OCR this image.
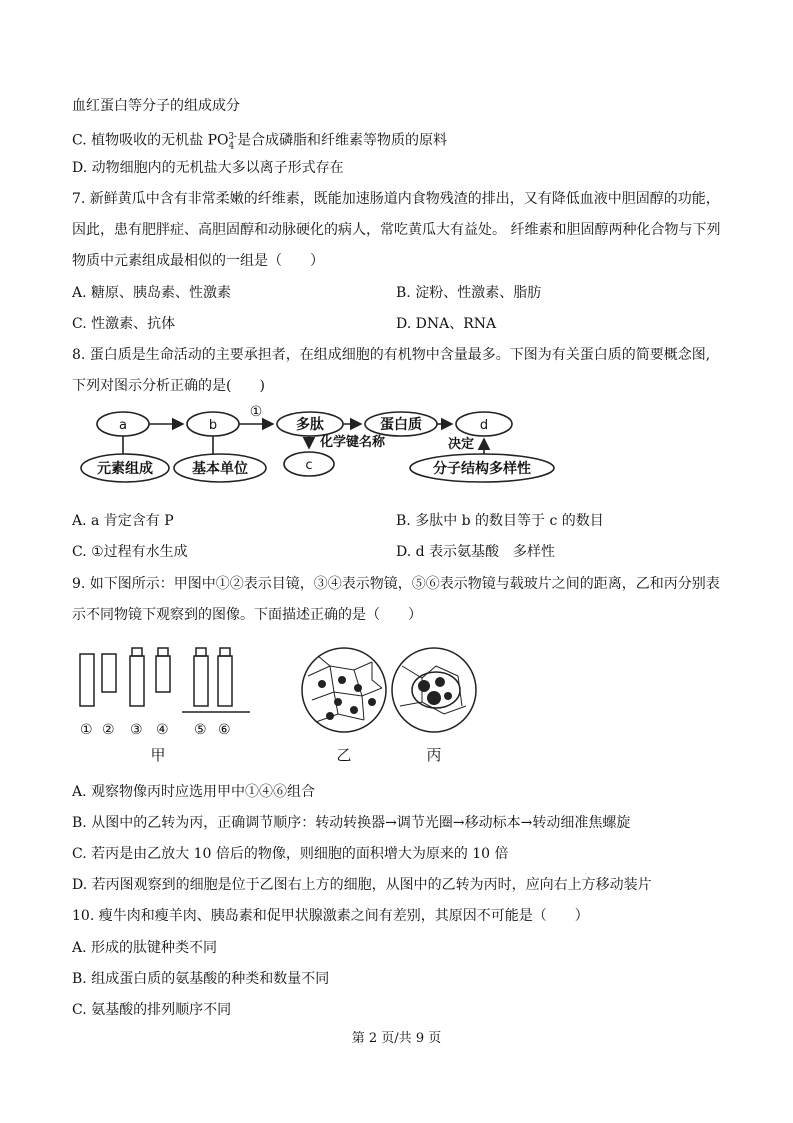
血红蛋白等分子的组成成分
C. 植物吸收的无机盐 $PO_4^{3-}$是合成磷脂和纤维素等物质的原料
D. 动物细胞内的无机盐大多以离子形式存在
7. 新鲜黄瓜中含有非常柔嫩的纤维素，既能加速肠道内食物残渣的排出，又有降低血液中胆固醇的功能，
因此，患有肥胖症、高胆固醇和动脉硬化的病人，常吃黄瓜大有益处。 纤维素和胆固醇两种化合物与下列
物质中元素组成最相似的一组是（　　）
A. 糖原、胰岛素、性激素	B. 淀粉、性激素、脂肪
C. 性激素、抗体	D. DNA、RNA
8. 蛋白质是生命活动的主要承担者，在组成细胞的有机物中含量最多。下图为有关蛋白质的简要概念图,
下列对图示分析正确的是(　　)
a	b
①
多肽	蛋白质	d
c
元素组成	基本单位
化学键名称	决定
分子结构多样性
A. a 肯定含有 P	B. 多肽中 b 的数目等于 c 的数目
C. ①过程有水生成	D. d 表示氨基酸　多样性
9. 如下图所示：甲图中①②表示目镜，③④表示物镜，⑤⑥表示物镜与载玻片之间的距离，乙和丙分别表
示不同物镜下观察到的图像。下面描述正确的是（　　）
① ② ③ ④ ⑤ ⑥
甲	乙	丙
A. 观察物像丙时应选用甲中①④⑥组合
B. 从图中的乙转为丙，正确调节顺序：转动转换器→调节光圈→移动标本→转动细准焦螺旋
C. 若丙是由乙放大 10 倍后的物像，则细胞的面积增大为原来的 10 倍
D. 若丙图观察到的细胞是位于乙图右上方的细胞，从图中的乙转为丙时，应向右上方移动装片
10. 瘦牛肉和瘦羊肉、胰岛素和促甲状腺激素之间有差别，其原因不可能是（　　）
A. 形成的肽键种类不同
B. 组成蛋白质的氨基酸的种类和数量不同
C. 氨基酸的排列顺序不同
第 2 页/共 9 页
